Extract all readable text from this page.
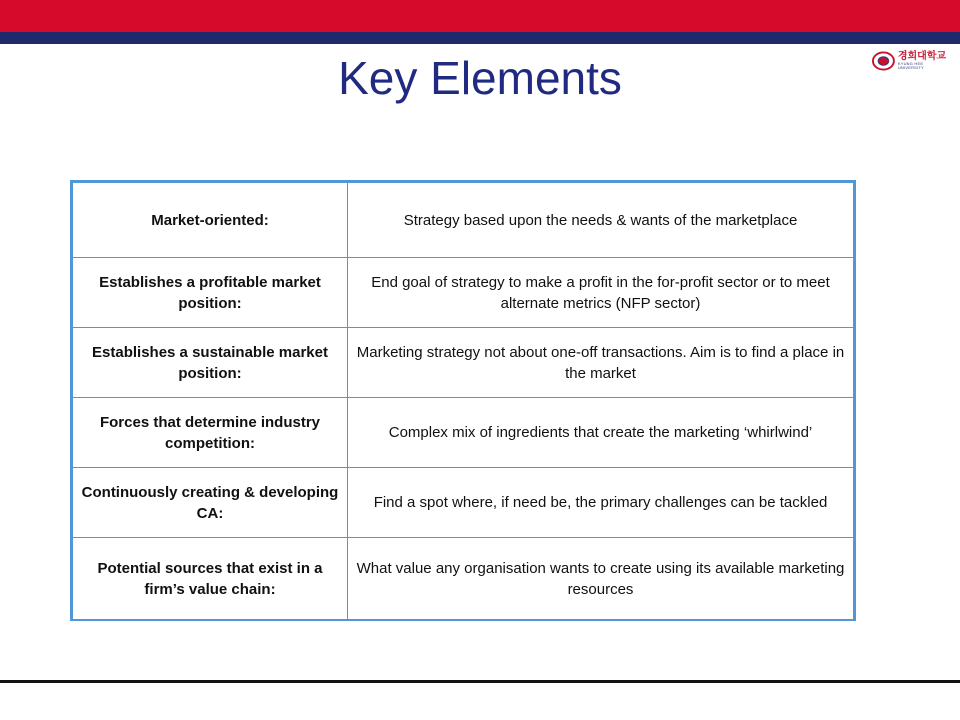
Key Elements	경희대학교
KYUNG HEE UNIVERSITY
Market-oriented:	Strategy based upon the needs & wants of the marketplace
Establishes a profitable market position:	End goal of strategy to make a profit in the for-profit sector or to meet alternate metrics (NFP sector)
Establishes a sustainable market position:	Marketing strategy not about one-off transactions. Aim is to find a place in the market
Forces that determine industry competition:	Complex mix of ingredients that create the marketing ‘whirlwind’
Continuously creating & developing CA:	Find a spot where, if need be, the primary challenges can be tackled
Potential sources that exist in a firm’s value chain:	What value any organisation wants to create using its available marketing resources
